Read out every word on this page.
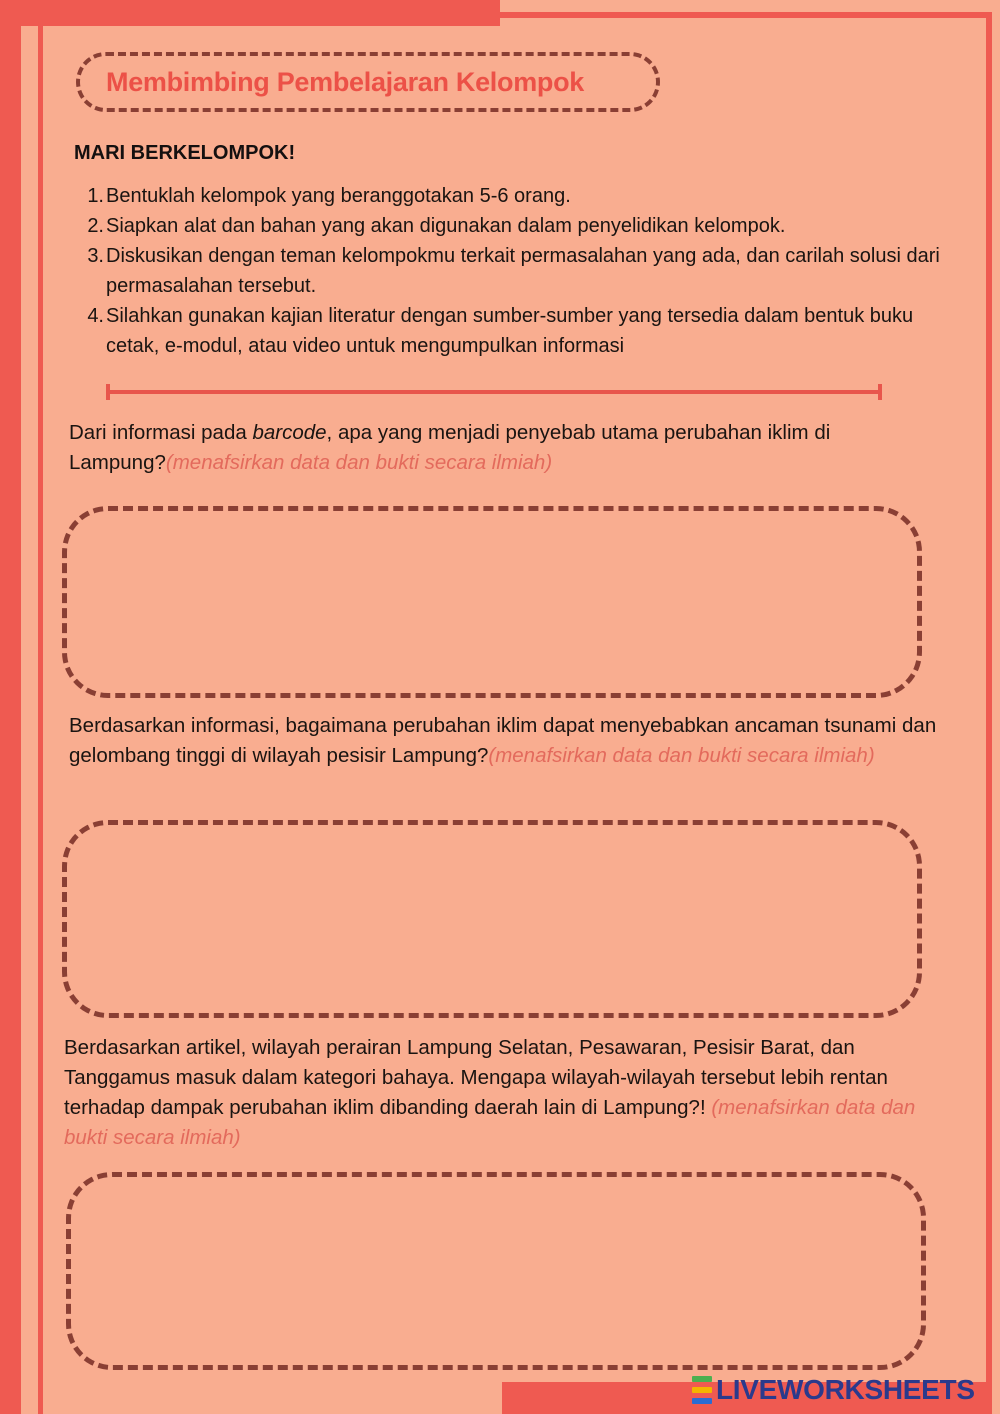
Membimbing Pembelajaran Kelompok
MARI BERKELOMPOK!
1. Bentuklah kelompok yang beranggotakan 5-6 orang.
2. Siapkan alat dan bahan yang akan digunakan dalam penyelidikan kelompok.
3. Diskusikan dengan teman kelompokmu terkait permasalahan yang ada, dan carilah solusi dari permasalahan tersebut.
4. Silahkan gunakan kajian literatur dengan sumber-sumber yang tersedia dalam bentuk buku cetak, e-modul, atau video untuk mengumpulkan informasi
Dari informasi pada barcode, apa yang menjadi penyebab utama perubahan iklim di Lampung?(menafsirkan data dan bukti secara ilmiah)
Berdasarkan informasi, bagaimana perubahan iklim dapat menyebabkan ancaman tsunami dan gelombang tinggi di wilayah pesisir Lampung?(menafsirkan data dan bukti secara ilmiah)
Berdasarkan artikel, wilayah perairan Lampung Selatan, Pesawaran, Pesisir Barat, dan Tanggamus masuk dalam kategori bahaya. Mengapa wilayah-wilayah tersebut lebih rentan terhadap dampak perubahan iklim dibanding daerah lain di Lampung?! (menafsirkan data dan bukti secara ilmiah)
LIVEWORKSHEETS
